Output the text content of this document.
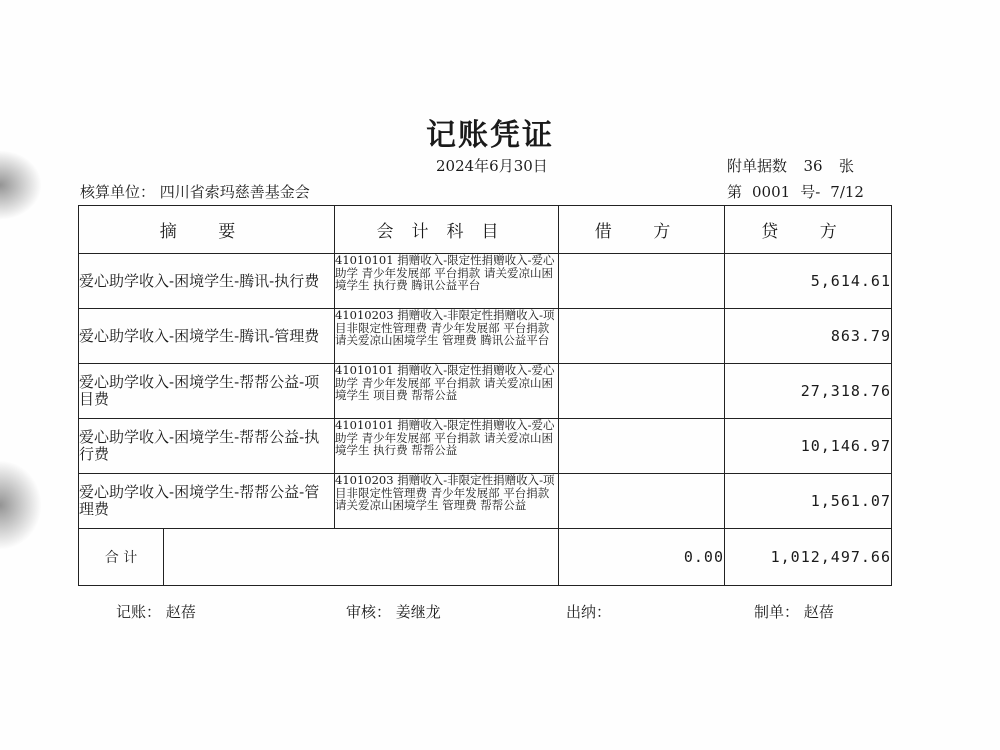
记账凭证
2024年6月30日	附单据数 36 张
核算单位： 四川省索玛慈善基金会	第 0001 号- 7/12
摘 要	会计科目	借 方	贷 方
爱心助学收入-困境学生-腾讯-执行费	41010101 捐赠收入-限定性捐赠收入-爱心助学 青少年发展部 平台捐款 请关爱凉山困境学生 执行费 腾讯公益平台		5,614.61
爱心助学收入-困境学生-腾讯-管理费	41010203 捐赠收入-非限定性捐赠收入-项目非限定性管理费 青少年发展部 平台捐款 请关爱凉山困境学生 管理费 腾讯公益平台		863.79
爱心助学收入-困境学生-帮帮公益-项目费	41010101 捐赠收入-限定性捐赠收入-爱心助学 青少年发展部 平台捐款 请关爱凉山困境学生 项目费 帮帮公益		27,318.76
爱心助学收入-困境学生-帮帮公益-执行费	41010101 捐赠收入-限定性捐赠收入-爱心助学 青少年发展部 平台捐款 请关爱凉山困境学生 执行费 帮帮公益		10,146.97
爱心助学收入-困境学生-帮帮公益-管理费	41010203 捐赠收入-非限定性捐赠收入-项目非限定性管理费 青少年发展部 平台捐款 请关爱凉山困境学生 管理费 帮帮公益		1,561.07

合 计		0.00	1,012,497.66
记账： 赵蓓	审核： 姜继龙	出纳：	制单： 赵蓓
